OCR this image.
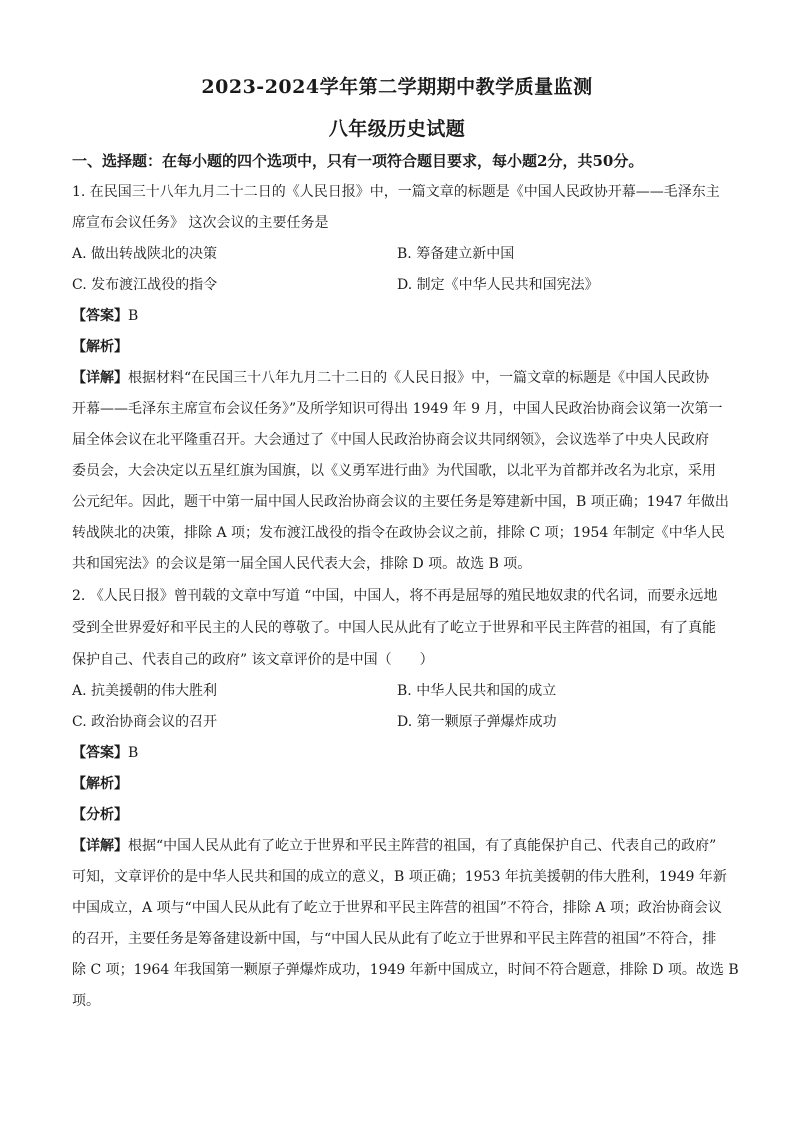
2023-2024学年第二学期期中教学质量监测
八年级历史试题
一、选择题：在每小题的四个选项中，只有一项符合题目要求，每小题2分，共50分。
1. 在民国三十八年九月二十二日的《人民日报》中，一篇文章的标题是《中国人民政协开幕——毛泽东主
席宣布会议任务》 这次会议的主要任务是
A. 做出转战陕北的决策	B. 筹备建立新中国
C. 发布渡江战役的指令	D. 制定《中华人民共和国宪法》
【答案】B
【解析】
【详解】根据材料“在民国三十八年九月二十二日的《人民日报》中，一篇文章的标题是《中国人民政协
开幕——毛泽东主席宣布会议任务》”及所学知识可得出 1949 年 9 月，中国人民政治协商会议第一次第一
届全体会议在北平隆重召开。大会通过了《中国人民政治协商会议共同纲领》，会议选举了中央人民政府
委员会，大会决定以五星红旗为国旗，以《义勇军进行曲》为代国歌，以北平为首都并改名为北京，采用
公元纪年。因此，题干中第一届中国人民政治协商会议的主要任务是筹建新中国，B 项正确；1947 年做出
转战陕北的决策，排除 A 项；发布渡江战役的指令在政协会议之前，排除 C 项；1954 年制定《中华人民
共和国宪法》的会议是第一届全国人民代表大会，排除 D 项。故选 B 项。
2. 《人民日报》曾刊载的文章中写道 “中国，中国人，将不再是屈辱的殖民地奴隶的代名词，而要永远地
受到全世界爱好和平民主的人民的尊敬了。中国人民从此有了屹立于世界和平民主阵营的祖国，有了真能
保护自己、代表自己的政府” 该文章评价的是中国（　　）
A. 抗美援朝的伟大胜利	B. 中华人民共和国的成立
C. 政治协商会议的召开	D. 第一颗原子弹爆炸成功
【答案】B
【解析】
【分析】
【详解】根据“中国人民从此有了屹立于世界和平民主阵营的祖国，有了真能保护自己、代表自己的政府”
可知，文章评价的是中华人民共和国的成立的意义，B 项正确；1953 年抗美援朝的伟大胜利，1949 年新
中国成立，A 项与“中国人民从此有了屹立于世界和平民主阵营的祖国”不符合，排除 A 项；政治协商会议
的召开，主要任务是筹备建设新中国，与“中国人民从此有了屹立于世界和平民主阵营的祖国”不符合，排
除 C 项；1964 年我国第一颗原子弹爆炸成功，1949 年新中国成立，时间不符合题意，排除 D 项。故选 B
项。
